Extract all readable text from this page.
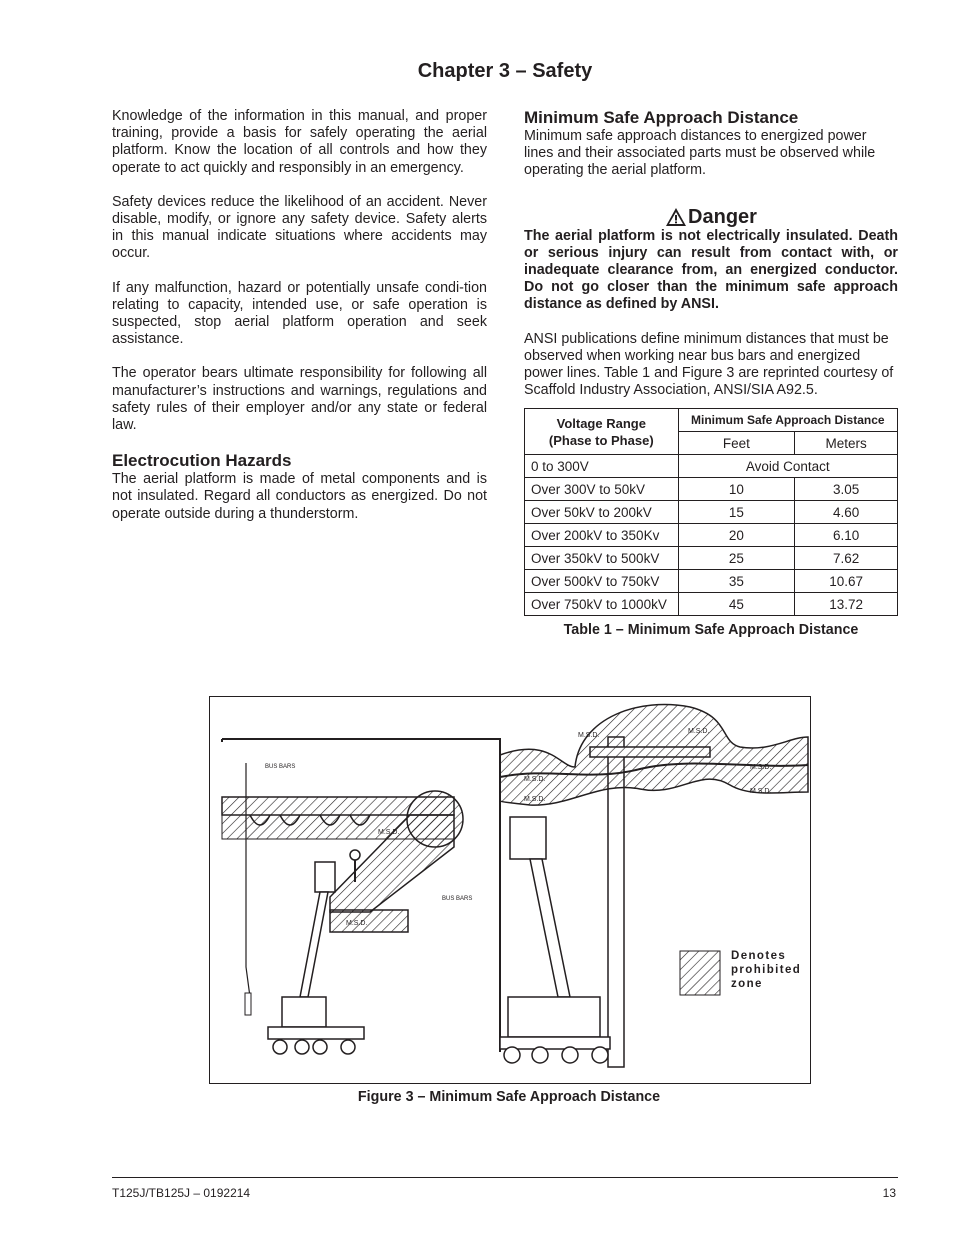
Chapter 3 – Safety

Knowledge of the information in this manual, and proper training, provide a basis for safely operating the aerial platform. Know the location of all controls and how they operate to act quickly and responsibly in an emergency.

Safety devices reduce the likelihood of an accident. Never disable, modify, or ignore any safety device. Safety alerts in this manual indicate situations where accidents may occur.

If any malfunction, hazard or potentially unsafe condi-tion relating to capacity, intended use, or safe operation is suspected, stop aerial platform operation and seek assistance.

The operator bears ultimate responsibility for following all manufacturer’s instructions and warnings, regulations and safety rules of their employer and/or any state or federal law.

Electrocution Hazards

The aerial platform is made of metal components and is not insulated. Regard all conductors as energized. Do not operate outside during a thunderstorm.

Minimum Safe Approach Distance

Minimum safe approach distances to energized power lines and their associated parts must be observed while operating the aerial platform.

Danger

The aerial platform is not electrically insulated. Death or serious injury can result from contact with, or inadequate clearance from, an energized conductor. Do not go closer than the minimum safe approach distance as defined by ANSI.

ANSI publications define minimum distances that must be observed when working near bus bars and energized power lines. Table 1 and Figure 3 are reprinted courtesy of Scaffold Industry Association, ANSI/SIA A92.5.

Voltage Range
(Phase to Phase)	Minimum Safe Approach Distance	
	Feet	Meters
0 to 300V	Avoid Contact	
Over 300V to 50kV	10	3.05
Over 50kV to 200kV	15	4.60
Over 200kV to 350Kv	20	6.10
Over 350kV to 500kV	25	7.62
Over 500kV to 750kV	35	10.67
Over 750kV to 1000kV	45	13.72
Table 1 – Minimum Safe Approach Distance
BUS BARS
BUS BARS
M.S.D.
M.S.D.
M.S.D.
M.S.D.
M.S.D.
M.S.D.
M.S.D.
M.S.D.
Denotes
prohibited
zone
Figure 3 – Minimum Safe Approach Distance
T125J/TB125J – 0192214	13
